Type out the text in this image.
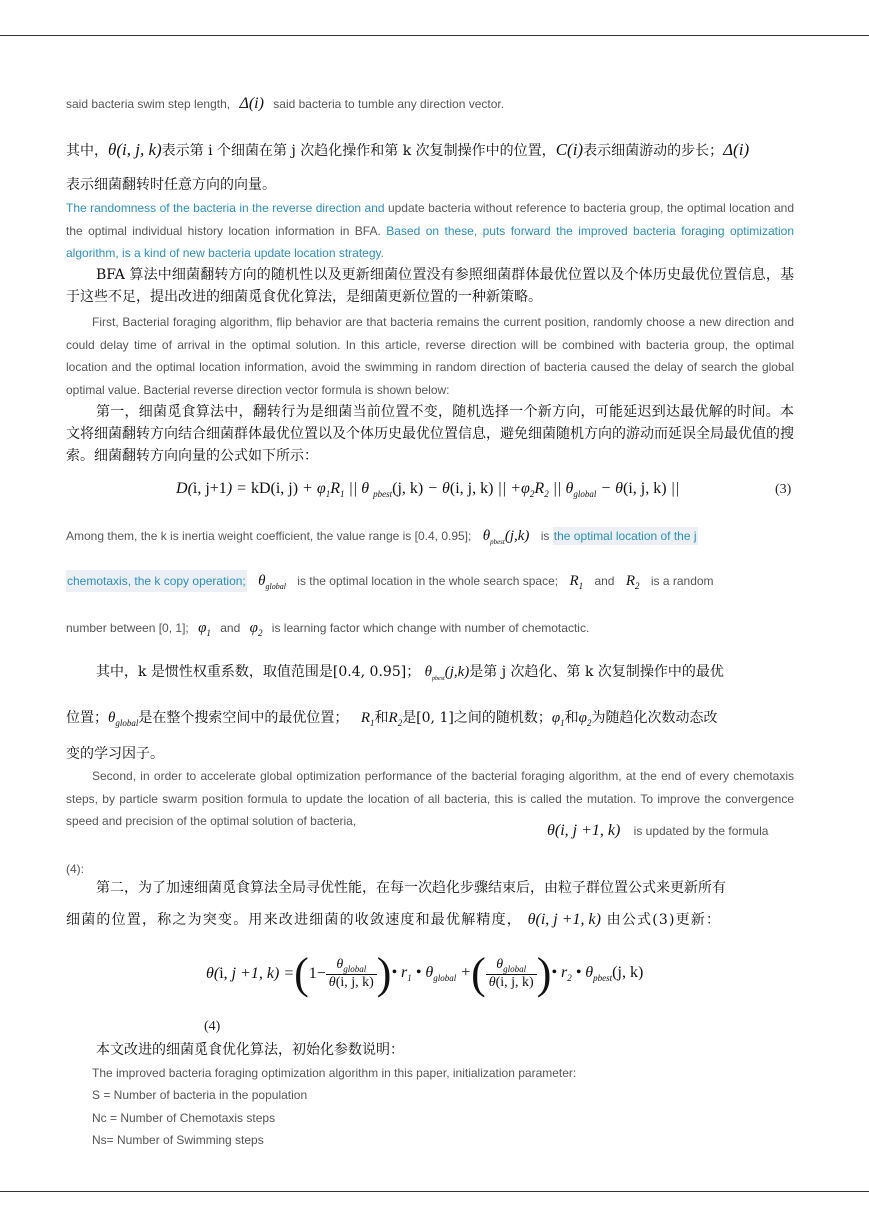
said bacteria swim step length, Δ(i) said bacteria to tumble any direction vector.
其中，θ(i, j, k)表示第 i 个细菌在第 j 次趋化操作和第 k 次复制操作中的位置，C(i)表示细菌游动的步长；Δ(i)
表示细菌翻转时任意方向的向量。
The randomness of the bacteria in the reverse direction and update bacteria without reference to bacteria group, the optimal location and the optimal individual history location information in BFA. Based on these, puts forward the improved bacteria foraging optimization algorithm, is a kind of new bacteria update location strategy.
BFA 算法中细菌翻转方向的随机性以及更新细菌位置没有参照细菌群体最优位置以及个体历史最优位置信息，基于这些不足，提出改进的细菌觅食优化算法，是细菌更新位置的一种新策略。
First, Bacterial foraging algorithm, flip behavior are that bacteria remains the current position, randomly choose a new direction and could delay time of arrival in the optimal solution. In this article, reverse direction will be combined with bacteria group, the optimal location and the optimal location information, avoid the swimming in random direction of bacteria caused the delay of search the global optimal value. Bacterial reverse direction vector formula is shown below:
第一，细菌觅食算法中，翻转行为是细菌当前位置不变，随机选择一个新方向，可能延迟到达最优解的时间。本文将细菌翻转方向结合细菌群体最优位置以及个体历史最优位置信息，避免细菌随机方向的游动而延误全局最优值的搜索。细菌翻转方向向量的公式如下所示：
D(i, j+1) = kD(i, $j) + \varphi_1R_1$ || θ $_{pbest}$(j, k) − θ(i, j, k) || $+\varphi_2R_2$ || $\theta_{global} - \theta(i$, j, k) ||	(3)
Among them, the k is inertia weight coefficient, the value range is [0.4, 0.95]; $\theta_{pbest}(j,k)$ is the optimal location of the j
chemotaxis, the k copy operation; $\theta_{global}$ is the optimal location in the whole search space; $R_1$ and $R_2$ is a random
number between [0, 1]; $\varphi_1$ and $\varphi_2$ is learning factor which change with number of chemotactic.
其中，k 是惯性权重系数，取值范围是[0.4, 0.95]； $\theta_{pbest}(j,k)$是第 j 次趋化、第 k 次复制操作中的最优
位置；$\theta_{global}$是在整个搜索空间中的最优位置； $R_1$和$R_2$是[0, 1]之间的随机数；$\varphi_1$和$\varphi_2$为随趋化次数动态改
变的学习因子。
Second, in order to accelerate global optimization performance of the bacterial foraging algorithm, at the end of every chemotaxis steps, by particle swarm position formula to update the location of all bacteria, this is called the mutation. To improve the convergence speed and precision of the optimal solution of bacteria,
θ(i, j +1, k) is updated by the formula
(4):
第二，为了加速细菌觅食算法全局寻优性能，在每一次趋化步骤结束后，由粒子群位置公式来更新所有
细菌的位置，称之为突变。用来改进细菌的收敛速度和最优解精度， θ(i, j +1, k) 由公式(3)更新：
θ(i, j +1, $k) =(1- \frac{\theta_{global}}{\theta(i, j, k)}$ )• $r_1$ • $\theta_{global}$ +( $\frac{\theta_{global}}{\theta(i, j, k)}$ )• $r_2$ • $\theta_{pbest}(j$, k)
(4)
本文改进的细菌觅食优化算法，初始化参数说明：
The improved bacteria foraging optimization algorithm in this paper, initialization parameter:
S = Number of bacteria in the population
Nc = Number of Chemotaxis steps
Ns= Number of Swimming steps
